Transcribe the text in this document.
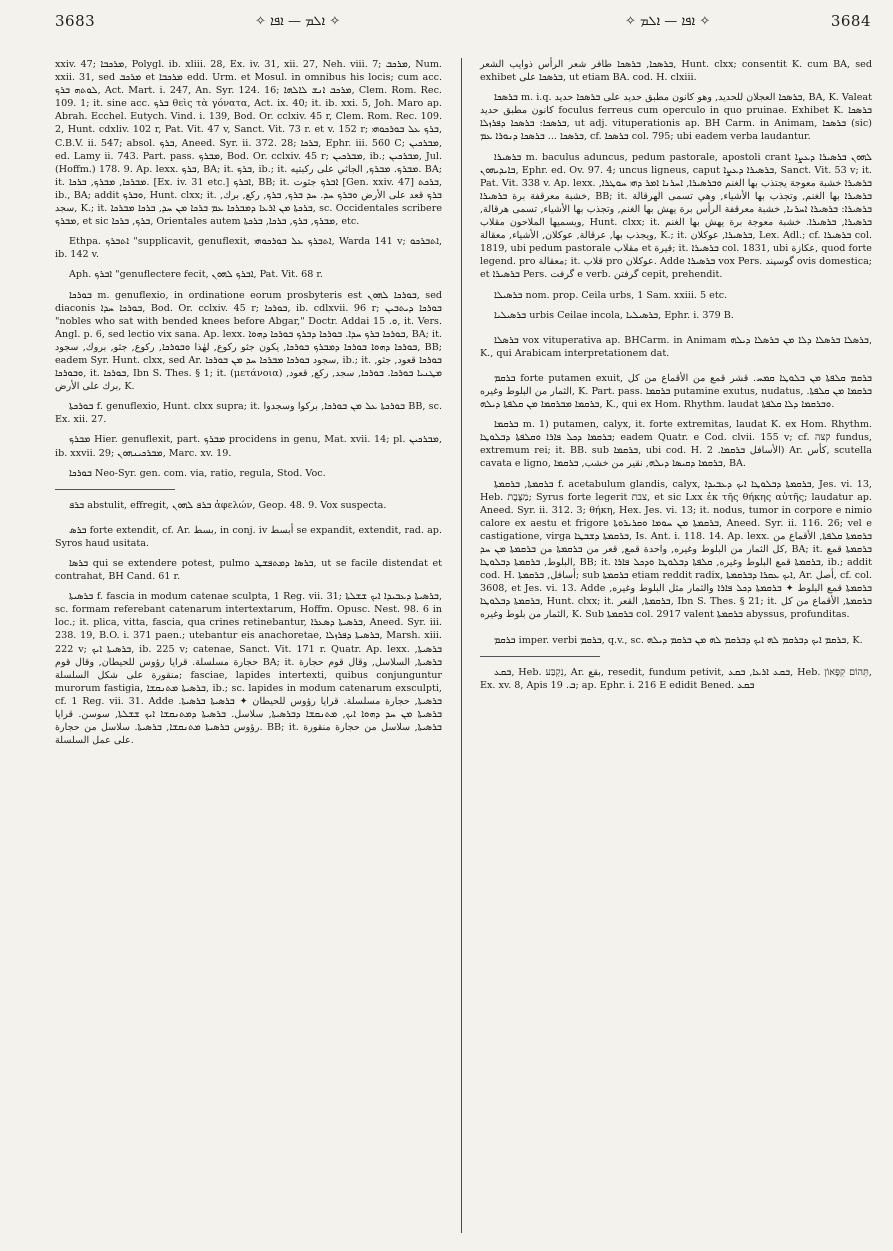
3683	✧ ܐܠܡ — ܐܦܐ ✧	✧ ܐܦܐ — ܐܠܡ ✧	3684

xxiv. 47; ܡܪܟܒܐ, Polygl. ib. xliii. 28, Ex. iv. 31, xii. 27, Neh. viii. 7; ܡܪܟܒ, Num. xxii. 31, sed ܡܪܟܒ et ܡܪܟܒܐ edd. Urm. et Mosul. in omnibus his locis; cum acc. ܠܘܬܗ ܒܪܟ, Act. Mart. i. 247, An. Syr. 124. 16; ܡܪܟܒ ܐܢܫ ܠܐܠܗܐ, Clem. Rom. Rec. 109. 1; it. sine acc. ܒܪܟ θεὶς τὰ γόνατα, Act. ix. 40; it. ib. xxi. 5, Joh. Maro ap. Abrah. Ecchel. Eutych. Vind. i. 139, Bod. Or. cclxiv. 45 r, Clem. Rom. Rec. 109. 2, Hunt. cdxliv. 102 r, Pat. Vit. 47 v, Sanct. Vit. 73 r. et v. 152 r; ܒܪܟ ܥܠ ܒܘܪܟܘܗܝ, C.B.V. ii. 547; absol. ܒܪܟ, Aneed. Syr. ii. 372. 28; ܒܪܟܐ, Ephr. iii. 560 C; ܡܒܪܟܝܢ, ed. Lamy ii. 743. Part. pass. ܡܒܪܟ, Bod. Or. cclxiv. 45 r; ܡܒܪܟܝܢ, ib.; ܡܒܪܟܝܢ, Jul. (Hoffm.) 178. 9. Ap. lexx. ܒܪܟ, BA; it. ܒܪܟ, ib.; it. ܡܒܪܟ. ܡܒܪܟ, الجاثي على ركبتيه. BA; it. ܡܒܪܟܐ, ܡܒܪܟ, ܒܪܟܐ. [Ex. iv. 31 etc.] ܐܒܪܟ, BB; it. ܐܒܪܟ جثوت [Gen. xxiv. 47] ܒܪܟܬ, ib., BA; addit ܘܒܪܟ, Hunt. clxx; it. ܒܪܟ قعد على الأرض ܘܒܪܟ ܚܕ. ܚܕ ܒܪܟ, ܒܪܟ, رکع, برك, سجد, K.; it. ܒܪܟܬܐ ܡܢ ܐܪܥܐ ܕܡܒܪܟܐ ܥܡ ܒܪܟܐ ܡܢ ܚܕ, ܒܪܟܐ ܡܒܪܟܐ, sc. Occidentales scribere ܡܒܪܟ, et sic ܒܪܟ, ܒܪܟܐ, Orientales autem ܡܒܪܟ, ܒܪܟ, ܒܪܟܐ, ܒܪܟܬܐ, etc.

Ethpa. ܐܬܒܪܟ "supplicavit, genuflexit, ܐܬܒܪܟ ܥܠ ܒܘܪܟܘܗܝ, Warda 141 v; ܐܬܒܪܟܘ, ib. 142 v.

Aph. ܐܒܪܟ "genuflectere fecit, ܐܒܪܟ ܠܗܘܢ, Pat. Vit. 68 r.

ܒܘܪܟܐ m. genuflexio, in ordinatione eorum prosbyteris est ܒܘܪܟܐ ܠܗܘܢ, sed diaconis ܒܘܪܟܐ ܚܕܐ, Bod. Or. cclxiv. 45 r; ܒܘܪܟܐ, ib. cdlxvii. 96 r; ܒܘܪܟܐ ܕܝܬܒܝܢ "nobles who sat with bended knees before Abgar," Doctr. Addai ܘ. 15, it. Vers. Angl. p. 6, sed lectio vix sana. Ap. lexx. ܒܘܪܟܐ ܒܪܟ ܚܕܐ. ܒܘܪܟܐ ܕܒܪܟ ܒܘܪܟܐ ܕܗܘܐ, BA; it. ܒܘܪܟܐ ܕܗܘܐ ܒܘܪܟܐ ܕܡܒܪܟ ܒܘܪܟܐ, يكون جثو ركوع, لهٰذا ܘܒܘܪܟܐ, ركوع, جثو, بروك, سجود, BB; eadem Syr. Hunt. clxx, sed Ar. سجود ܒܘܪܟܐ ܡܒܪܟܐ ܚܕ ܡܢ ܒܘܪܟܐ, ib.; it. ܒܘܪܟܐ قعود, جثو, ܘܒܘܪܟܐ, it. ܒܘܪܟܐ, Ibn S. Thes. § 1; it. (μετάνοια) ܡܛܢܝܐ ܒܘܪܟܐ. ܒܘܪܟܐ, سجد, ركع, قعود, برك على الأرض, K.

ܒܘܪܟܬܐ f. genuflexio, Hunt. clxx supra; it. ܒܘܪܟܬܐ ܥܠ ܡܢ ܒܘܪܟܐ, بركوا وسجدوا BB, sc. Ex. xii. 27.

ܡܒܪܟ Hier. genuflexit, part. ܡܒܪܟ procidens in genu, Mat. xvii. 14; pl. ܡܒܪܟܝܢ, ib. xxvii. 29; ܡܒܪܟܝܢܗܘܢ, Marc. xv. 19.

ܒܘܪܟܐ Neo-Syr. gen. com. via, ratio, regula, Stod. Voc.

ܒܪܦ abstulit, effregit, ܒܪܦ ܠܗܘܢ ἀφελών, Geop. 48. 9. Vox suspecta.

ܒܪܣ forte extendit, cf. Ar. بسط, in conj. iv أبسط se expandit, extendit, rad. ap. Syros haud usitata.

ܒܪܣܐ qui se extendere potest, pulmo ܒܪܣܐ ܕܡܬܦܫܛ, ut se facile distendat et contrahat, BH Cand. 61 r.

ܒܪܣܝܬܐ f. fascia in modum catenae sculpta, 1 Reg. vii. 31; ܒܪܣܝܬܐ ܕܥܒܝܕܐ ܐܝܟ ܫܫܠܬܐ, sc. formam referebant catenarum intertextarum, Hoffm. Opusc. Nest. 98. 6 in loc.; it. plica, vitta, fascia, qua crines retinebantur, ܒܪܣܝܬܐ ܕܣܥܪܐ, Aneed. Syr. iii. 238. 19, B.O. i. 371 paen.; utebantur eis anachoretae, ܒܪܣܝܬܐ ܕܦܪܙܠܐ, Marsh. xiii. 222 v; ܒܪܣܝܬܐ ܐܝܟ, ib. 225 v; catenae, Sanct. Vit. 171 r. Quatr. Ap. lexx. ܒܪܣܝܬܐ, حجارة مسلسلة. قرايا رؤوس للحيطان, وقال قوم BA; it. ܒܪܣܝܬܐ, السلاسل, وقال قوم حجارة منقورة على شكل السلسلة; fasciae, lapides intertexti, quibus conjunguntur murorum fastigia, ܒܪܣܝܬܐ ܡܬܢܩܫܐ, ib.; sc. lapides in modum catenarum exsculpti, cf. 1 Reg. vii. 31. Adde ܒܪܣܝܬܐ, حجارة مسلسلة. قرايا رؤوس للحيطان ✦ ܒܪܣܝܬܐ ܒܪܣܝܬܐ. ܒܪܣܝܬܐ ܡܢ ܚܕ ܕܗܘܐ ܐܝܟ, ܡܬܢܩܫܐ ܕܒܪܣܝܬܐ, سلاسل. ܒܪܣܝܬܐ ܕܡܬܢܩܫܐ ܐܝܟ ܫܫܠܬܐ, سوسن. قرايا رؤوس ܒܪܣܝܬܐ ܡܬܢܩܫܐ, ܒܪܣܝܬܐ. سلاسل من حجارة. BB; it. ܒܪܣܝܬܐ, سلاسل من حجارة منقورة على عمل السلسلة.

ܒܪܣܟܐ, ܒܪܣܟܐ طافر شعر الرأس ذوايب الشعر, Hunt. clxx; consentit K. cum BA, sed exhibet ܒܪܣܟܐ على, ut etiam BA. cod. H. clxiii.

ܒܪܣܟܐ m. i.q. ܒܪܣܟܐ العجلان للحديد, وهو كانون مطبق حديد على ܒܪܣܟܐ حديد, BA, K. Valeat كانون مطبق حديد foculus ferreus cum operculo in quo pruinae. Exhibet K. ܒܪܣܟܐ ܒܪܣܟܐ: ܒܪܣܟܐ ܕܦܪܙܠܐ, ut adj. vituperationis ap. BH Carm. in Animam, ܒܪܣܟܐ (sic) ܒܪܣܟܐ ... ܒܪܣܟܐ ܕܢܘܪܐ ܥܡ, cf. ܒܪܣܟܐ col. 795; ubi eadem verba laudantur.

ܒܪܣܝܪܐ m. baculus aduncus, pedum pastorale, apostoli crant ܠܗܘܢ ܒܪܣܝܪܐ ܕܥܨܐ ܒܐܝܕܝܗܘܢ, Ephr. ed. Ov. 97. 4; uncus ligneus, caput ܒܪܣܝܪܐ ܕܥܨܐ, Sanct. Vit. 53 v; it. Pat. Vit. 338 v. Ap. lexx. ܒܪܣܝܪܐ خشبة معوجة يجتذب بها الغنم ܘܒܪܣܝܪܐ, ܐܚܪܢܐ ܐܡܪ ܕܗܝ ܚܘܛܪܐ, خشبة معرقفة برة ܒܪܣܝܪܐ, BB; it. ܒܪܣܝܪܐ بها الغنم, وتجذب بها الأشياء, وهي تسمى الهرقالة ܒܪܣܝܪܐ: ܒܪܣܝܪܐ ܐܚܪܢܐ, خشبة معرقفة الرأس برة يهش بها الغنم, وتجذب بها الأشياء, تسمى هرقالة, ويسميها الملاحون مقلاب, Hunt. clxx; it. ܒܪܣܝܪܐ, ܒܪܣܝܪܐ. خشبة معوجة برة يهش بها الغنم ويجذب بها, عرقالة, عوكلان, الأشياء, معقالة, K.; it. ܒܪܣܝܪܐ, عوكلان, Lex. Adl.; cf. ܒܪܣܝܪܐ col. 1819, ubi pedum pastorale مقلاب et قيرة; it. ܒܪܣܝܪܐ col. 1831, ubi عكازة, quod forte legend. pro معقالة; it. قلاب pro عوكلان. Adde ܒܪܣܝܪܐ vox Pers. گوسپند ovis domestica; et ܒܪܣܝܪܐ Pers. گرفت e verb. گرفتن cepit, prehendit.

ܒܪܣܝܠܐ nom. prop. Ceila urbs, 1 Sam. xxiii. 5 etc.

ܒܪܣܝܠܝܐ urbis Ceilae incola, ܒܪܣܝܠܝܐ, Ephr. i. 379 B.

ܒܪܣܠܐ vox vituperativa ap. BHCarm. in Animam ܒܪܣܠܐ ܒܪܣܠܐ ܕܠܐ ܡܢ ܒܪܣܠܐ ܕܝܠܗ, K., qui Arabicam interpretationem dat.

ܒܪܩܡ forte putamen exuit, ܒܪܩܡ ܩܠܦܬܐ ܡܢ ܒܠܘܛܐ ܩܡܚ. قشر قمع من الأقماع من كل الثمار من البلوط وغيره, K. Part. pass. ܒܪܩܡܐ putamine exutus, nudatus, ܒܪܩܡܐ ܡܢ ܩܠܦܬܐ. ܒܪܩܡܐ ܡܒܪܩܡܐ ܡܢ ܩܠܦܬܐ ܕܝܠܗ, K., qui ex Hom. Rhythm. laudat ܘܒܪܩܡܐ ܕܠܐ ܩܠܦܬܐ.

ܒܪܩܡܐ m. 1) putamen, calyx, it. forte extremitas, laudat K. ex Hom. Rhythm. ܒܪܩܡܐ ܕܟܠ ܦܐܪܐ ܘܩܠܦܬܐ ܕܒܠܘܛܐ; eadem Quatr. e Cod. clvii. 155 v; cf. קצה fundus, extremum rei; it. BB. sub ܒܪܩܡܐ, ubi cod. H. الأسافل ܒܪܩܡܐ. 2) Ar. كأس, scutella cavata e ligno, ܒܪܩܡܐ ܕܩܝܣܐ ܕܝܠܗ, نقير من خشب, ܒܪܩܡܐ, BA.

ܒܪܩܡܬܐ, ܒܪܩܡܬܐ f. acetabulum glandis, calyx, ܒܪܩܡܬܐ ܕܒܠܘܛܐ ܐܝܟ ܕܥܒܝܕܐ, Jes. vi. 13, Heb. מַצֶּבֶת; Syrus forte legerit צבת, et sic Lxx ἐκ τῆς θήκης αὐτῆς; laudatur ap. Aneed. Syr. ii. 312. 3; θήκη, Hex. Jes. vi. 13; it. nodus, tumor in corpore e nimio calore ex aestu et frigore ܒܪܩܡܬܐ ܡܢ ܚܘܡܐ ܘܩܪܝܪܘܬܐ, Aneed. Syr. ii. 116. 26; vel e castigatione, virga ܒܪܩܡܬܐ ܕܫܒܛܐ, Is. Ant. i. 118. 14. Ap. lexx. ܒܪܩܡܬܐ ܩܠܦܬܐ, الأقماع من كل الثمار من البلوط وغيره, واحدة قمع, قعر من ܒܪܩܡܬܐ من ܒܪܩܡܬܐ ܡܢ ܚܕ, BA; it. ܒܪܩܡܬܐ قمع البلوط, ܒܪܩܡܬܐ ܕܒܠܘܛܐ, BB; it. ܒܪܩܡܬܐ قمع البلوط وغيره, ܩܠܦܬܐ ܕܒܠܘܛܐ ܘܕܟܠ ܦܐܪܐ, ib.; addit cod. H. أسافل, ܒܪܩܡܬܐ; sub ܒܪܩܡܬܐ etiam reddit radix, ܐܝܟ ܥܩܪܐ ܕܒܪܩܡܬܐ, Ar. أصل, cf. col. 3608, et Jes. vi. 13. Adde ܒܪܩܡܬܐ قمع البلوط ✦ ܒܪܩܡܬܐ ܕܟܠ ܦܐܪܐ والثمار مثل البلوط وغيره, ܒܪܩܡܬܐ ܕܒܠܘܛܐ, Hunt. clxx; it. ܒܪܩܡܬܐ, القعر, Ibn S. Thes. § 21; it. ܒܪܩܡܬܐ, الأقماع من كل الثمار من بلوط وغيره, K. Sub ܒܪܩܡܬܐ col. 2917 valent ܒܪܩܡܬܐ abyssus, profunditas.

ܒܪܩܡ imper. verbi ܒܪܩܡ, q.v., sc. ܒܪܩܡ ܐܝܟ ܕܒܪܩܡ ܠܗ ܐܝܟ ܕܒܪܩܡ ܠܗ ܡܢ ܒܪܩܡ ܕܝܠܗ, K.

ܒܩܥ, Heb. נִקְבַּע, Ar. بقع, resedit, fundum petivit, ܒܩܥ ܐܪܥܐ, ܒܩܥ, Heb. תְּהוֹם קִפָּאוֹן, Ex. xv. 8, Apis ܒ. 19; ap. Ephr. i. 216 E edidit Bened. ܒܩܥ
